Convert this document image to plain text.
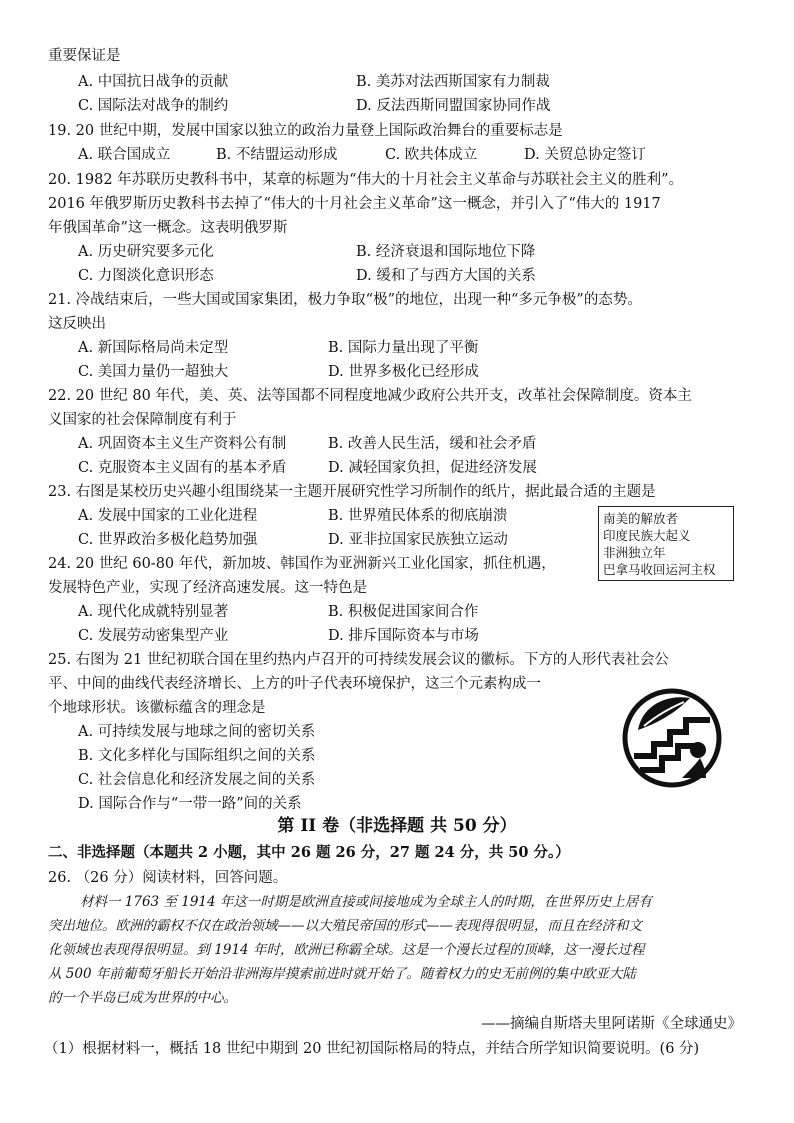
重要保证是
A. 中国抗日战争的贡献	B. 美苏对法西斯国家有力制裁
C. 国际法对战争的制约	D. 反法西斯同盟国家协同作战
19. 20 世纪中期，发展中国家以独立的政治力量登上国际政治舞台的重要标志是
A. 联合国成立	B. 不结盟运动形成	C. 欧共体成立	D. 关贸总协定签订
20. 1982 年苏联历史教科书中，某章的标题为“伟大的十月社会主义革命与苏联社会主义的胜利”。
2016 年俄罗斯历史教科书去掉了“伟大的十月社会主义革命”这一概念，并引入了“伟大的 1917
年俄国革命”这一概念。这表明俄罗斯
A. 历史研究要多元化	B. 经济衰退和国际地位下降
C. 力图淡化意识形态	D. 缓和了与西方大国的关系
21. 冷战结束后，一些大国或国家集团，极力争取“极”的地位，出现一种“多元争极”的态势。
这反映出
A. 新国际格局尚未定型	B. 国际力量出现了平衡
C. 美国力量仍一超独大	D. 世界多极化已经形成
22. 20 世纪 80 年代，美、英、法等国都不同程度地减少政府公共开支，改革社会保障制度。资本主
义国家的社会保障制度有利于
A. 巩固资本主义生产资料公有制	B. 改善人民生活，缓和社会矛盾
C. 克服资本主义固有的基本矛盾	D. 减轻国家负担，促进经济发展
23. 右图是某校历史兴趣小组围绕某一主题开展研究性学习所制作的纸片，据此最合适的主题是
A. 发展中国家的工业化进程	B. 世界殖民体系的彻底崩溃
C. 世界政治多极化趋势加强	D. 亚非拉国家民族独立运动
南美的解放者
印度民族大起义
非洲独立年
巴拿马收回运河主权
24. 20 世纪 60-80 年代，新加坡、韩国作为亚洲新兴工业化国家，抓住机遇，
发展特色产业，实现了经济高速发展。这一特色是
A. 现代化成就特别显著	B. 积极促进国家间合作
C. 发展劳动密集型产业	D. 排斥国际资本与市场
25. 右图为 21 世纪初联合国在里约热内卢召开的可持续发展会议的徽标。下方的人形代表社会公
平、中间的曲线代表经济增长、上方的叶子代表环境保护，这三个元素构成一
个地球形状。该徽标蕴含的理念是
A. 可持续发展与地球之间的密切关系
B. 文化多样化与国际组织之间的关系
C. 社会信息化和经济发展之间的关系
D. 国际合作与“一带一路”间的关系
第 II 卷（非选择题 共 50 分）
二、非选择题（本题共 2 小题，其中 26 题 26 分，27 题 24 分，共 50 分。）
26. （26 分）阅读材料，回答问题。
材料一 1763 至 1914 年这一时期是欧洲直接或间接地成为全球主人的时期，在世界历史上居有
突出地位。欧洲的霸权不仅在政治领域——以大殖民帝国的形式——表现得很明显，而且在经济和文
化领域也表现得很明显。到 1914 年时，欧洲已称霸全球。这是一个漫长过程的顶峰，这一漫长过程
从 500 年前葡萄牙船长开始沿非洲海岸摸索前进时就开始了。随着权力的史无前例的集中欧亚大陆
的一个半岛已成为世界的中心。
——摘编自斯塔夫里阿诺斯《全球通史》
（1）根据材料一，概括 18 世纪中期到 20 世纪初国际格局的特点，并结合所学知识简要说明。(6 分)
